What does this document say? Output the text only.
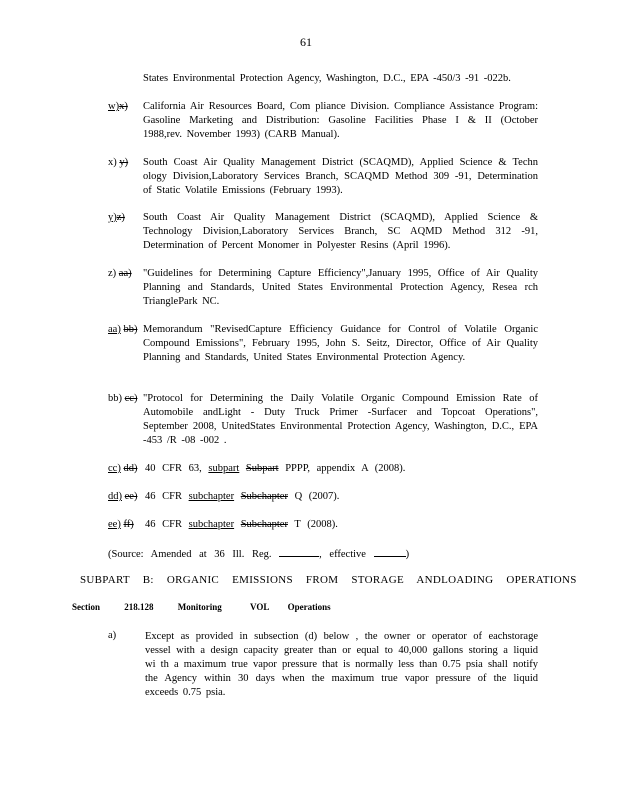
61
States Environmental Protection Agency, Washington, D.C., EPA -450/3 -91 -022b.
w)x) California Air Resources Board, Com pliance Division. Compliance Assistance Program: Gasoline Marketing and Distribution: Gasoline Facilities Phase I & II (October 1988,rev. November 1993) (CARB Manual).
x) y) South Coast Air Quality Management District (SCAQMD), Applied Science & Techn ology Division,Laboratory Services Branch, SCAQMD Method 309 -91, Determination of Static Volatile Emissions (February 1993).
y)z) South Coast Air Quality Management District (SCAQMD), Applied Science & Technology Division,Laboratory Services Branch, SC AQMD Method 312 -91, Determination of Percent Monomer in Polyester Resins (April 1996).
z) aa) "Guidelines for Determining Capture Efficiency",January 1995, Office of Air Quality Planning and Standards, United States Environmental Protection Agency, Resea rch TrianglePark NC.
aa) bb) Memorandum "RevisedCapture Efficiency Guidance for Control of Volatile Organic Compound Emissions", February 1995, John S. Seitz, Director, Office of Air Quality Planning and Standards, United States Environmental Protection Agency.
bb) cc) "Protocol for Determining the Daily Volatile Organic Compound Emission Rate of Automobile andLight - Duty Truck Primer -Surfacer and Topcoat Operations", September 2008, UnitedStates Environmental Protection Agency, Washington, D.C., EPA -453 /R -08 -002 .
cc) dd) 40 CFR 63, subpart Subpart PPPP, appendix A (2008).
dd) ee) 46 CFR subchapter Subchapter Q (2007).
ee) ff) 46 CFR subchapter Subchapter T (2008).
(Source: Amended at 36 Ill. Reg.	, effective	)
SUBPART B: ORGANIC EMISSIONS FROM STORAGE ANDLOADING OPERATIONS
Section	218.128	Monitoring	VOL Operations
a)	Except as provided in subsection (d) below , the owner or operator of eachstorage vessel with a design capacity greater than or equal to 40,000 gallons storing a liquid wi th a maximum true vapor pressure that is normally less than 0.75 psia shall notify the Agency within 30 days when the maximum true vapor pressure of the liquid exceeds 0.75 psia.
